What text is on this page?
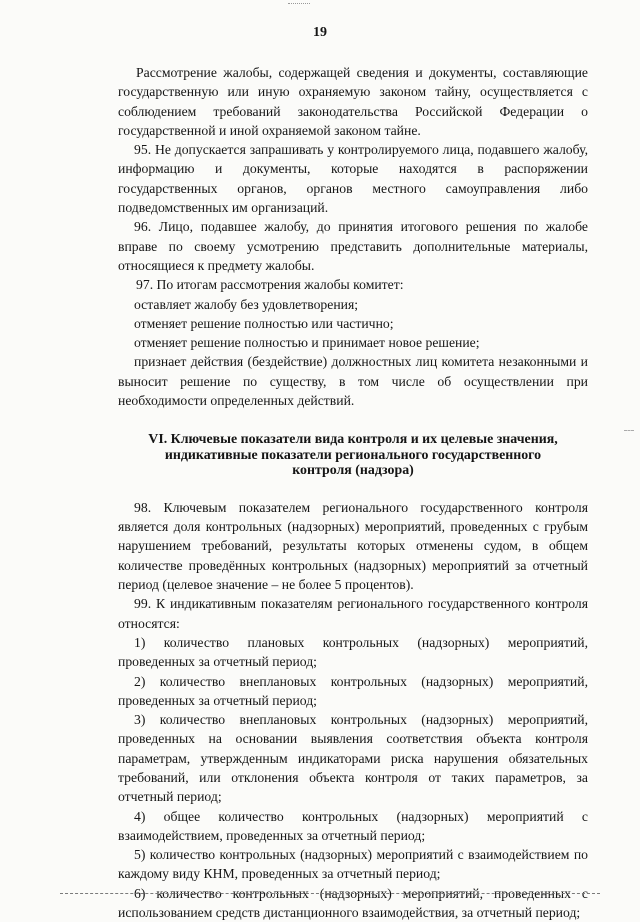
19

Рассмотрение жалобы, содержащей сведения и документы, составляющие государственную или иную охраняемую законом тайну, осуществляется с соблюдением требований законодательства Российской Федерации о государственной и иной охраняемой законом тайне.

95. Не допускается запрашивать у контролируемого лица, подавшего жалобу, информацию и документы, которые находятся в распоряжении государственных органов, органов местного самоуправления либо подведомственных им организаций.

96. Лицо, подавшее жалобу, до принятия итогового решения по жалобе вправе по своему усмотрению представить дополнительные материалы, относящиеся к предмету жалобы.

97. По итогам рассмотрения жалобы комитет:

оставляет жалобу без удовлетворения;

отменяет решение полностью или частично;

отменяет решение полностью и принимает новое решение;

признает действия (бездействие) должностных лиц комитета незаконными и выносит решение по существу, в том числе об осуществлении при необходимости определенных действий.

VI. Ключевые показатели вида контроля и их целевые значения,
индикативные показатели регионального государственного
контроля (надзора)

98. Ключевым показателем регионального государственного контроля является доля контрольных (надзорных) мероприятий, проведенных с грубым нарушением требований, результаты которых отменены судом, в общем количестве проведённых контрольных (надзорных) мероприятий за отчетный период (целевое значение – не более 5 процентов).

99. К индикативным показателям регионального государственного контроля относятся:

1) количество плановых контрольных (надзорных) мероприятий, проведенных за отчетный период;

2) количество внеплановых контрольных (надзорных) мероприятий, проведенных за отчетный период;

3) количество внеплановых контрольных (надзорных) мероприятий, проведенных на основании выявления соответствия объекта контроля параметрам, утвержденным индикаторами риска нарушения обязательных требований, или отклонения объекта контроля от таких параметров, за отчетный период;

4) общее количество контрольных (надзорных) мероприятий с взаимодействием, проведенных за отчетный период;

5) количество контрольных (надзорных) мероприятий с взаимодействием по каждому виду КНМ, проведенных за отчетный период;

6) количество контрольных (надзорных) мероприятий, проведенных с использованием средств дистанционного взаимодействия, за отчетный период;
